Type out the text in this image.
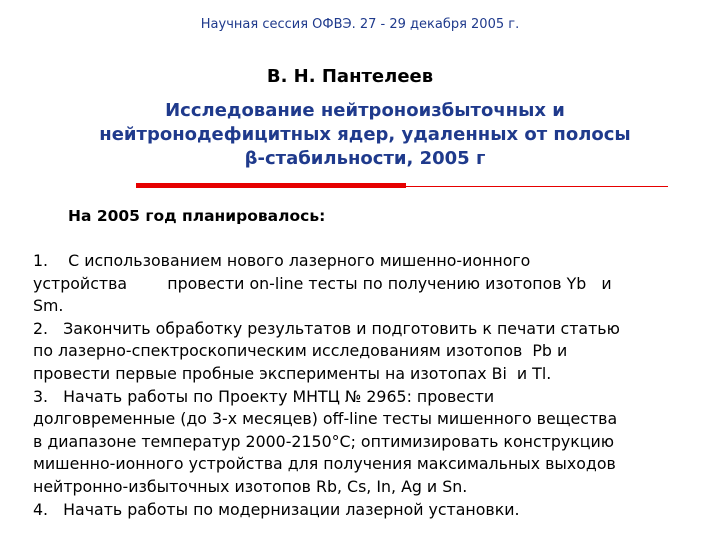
Научная сессия ОФВЭ. 27 - 29 декабря 2005 г.
В. Н. Пантелеев
Исследование нейтроноизбыточных и
нейтронодефицитных ядер, удаленных от полосы
β-стабильности, 2005 г
На 2005 год планировалось:
1. С использованием нового лазерного мишенно-ионного
устройства        провести on-line тесты по получению изотопов Yb   и
Sm.
2. Закончить обработку результатов и подготовить к печати статью
по лазерно-спектроскопическим исследованиям изотопов  Pb и
провести первые пробные эксперименты на изотопах Bi  и Tl.
3. Начать работы по Проекту МНТЦ № 2965: провести
долговременные (до 3-х месяцев) off-line тесты мишенного вещества
в диапазоне температур 2000-2150°С; оптимизировать конструкцию
мишенно-ионного устройства для получения максимальных выходов
нейтронно-избыточных изотопов Rb, Cs, In, Ag и Sn.
4. Начать работы по модернизации лазерной установки.
